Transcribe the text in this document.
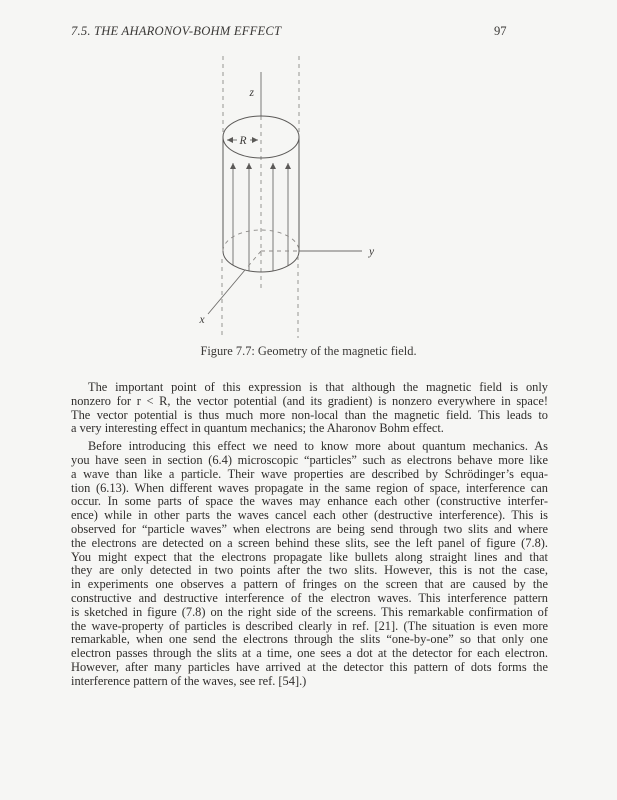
7.5. THE AHARONOV-BOHM EFFECT	97
z
R
y
x
Figure 7.7: Geometry of the magnetic field.
The important point of this expression is that although the magnetic field is only
nonzero for r < R, the vector potential (and its gradient) is nonzero everywhere in space!
The vector potential is thus much more non-local than the magnetic field. This leads to
a very interesting effect in quantum mechanics; the Aharonov Bohm effect.
Before introducing this effect we need to know more about quantum mechanics. As
you have seen in section (6.4) microscopic “particles” such as electrons behave more like
a wave than like a particle. Their wave properties are described by Schrödinger’s equa-
tion (6.13). When different waves propagate in the same region of space, interference can
occur. In some parts of space the waves may enhance each other (constructive interfer-
ence) while in other parts the waves cancel each other (destructive interference). This is
observed for “particle waves” when electrons are being send through two slits and where
the electrons are detected on a screen behind these slits, see the left panel of figure (7.8).
You might expect that the electrons propagate like bullets along straight lines and that
they are only detected in two points after the two slits. However, this is not the case,
in experiments one observes a pattern of fringes on the screen that are caused by the
constructive and destructive interference of the electron waves. This interference pattern
is sketched in figure (7.8) on the right side of the screens. This remarkable confirmation of
the wave-property of particles is described clearly in ref. [21]. (The situation is even more
remarkable, when one send the electrons through the slits “one-by-one” so that only one
electron passes through the slits at a time, one sees a dot at the detector for each electron.
However, after many particles have arrived at the detector this pattern of dots forms the
interference pattern of the waves, see ref. [54].)
